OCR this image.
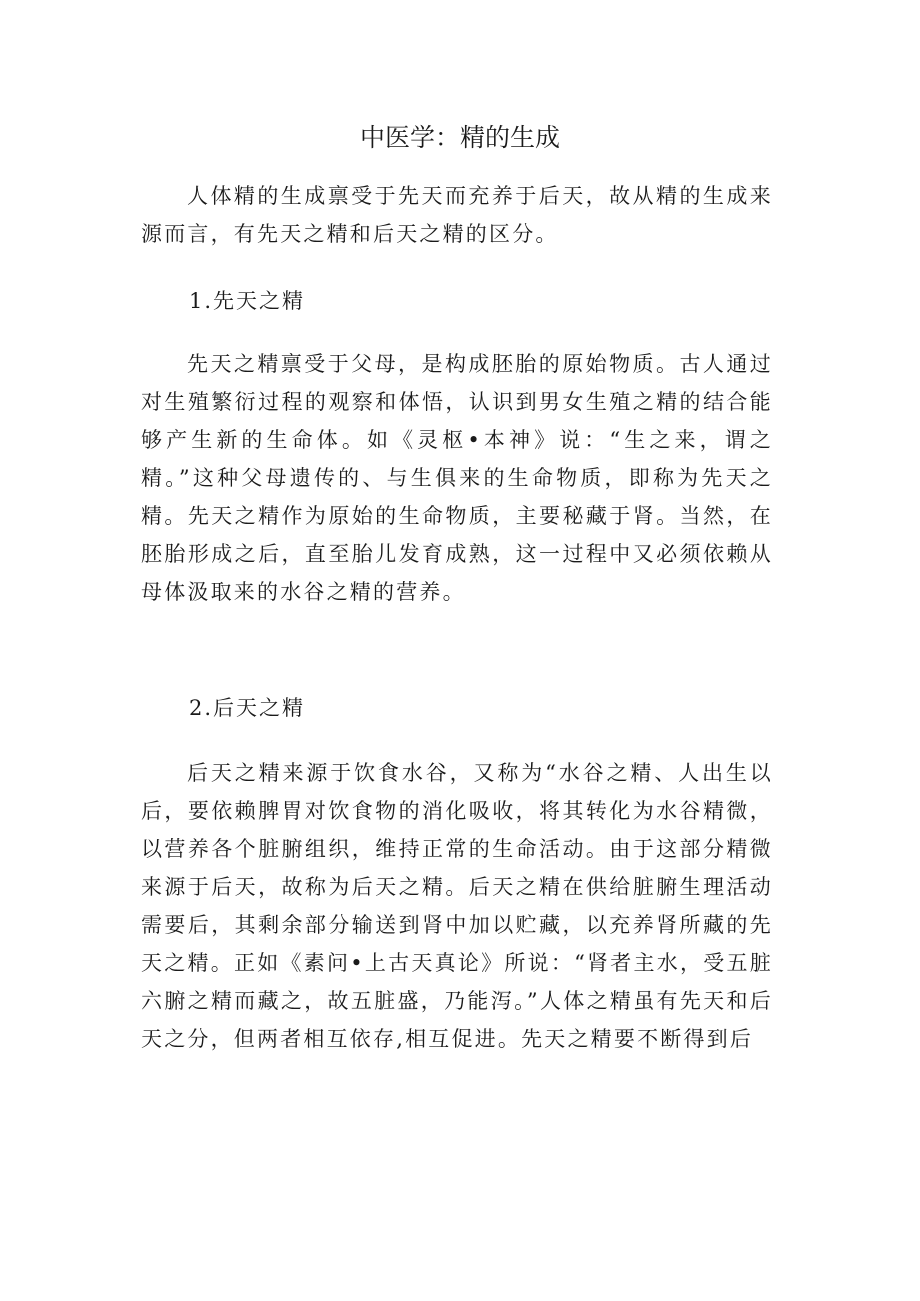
中医学：精的生成

人体精的生成禀受于先天而充养于后天，故从精的生成来源而言，有先天之精和后天之精的区分。

1.先天之精

先天之精禀受于父母，是构成胚胎的原始物质。古人通过对生殖繁衍过程的观察和体悟，认识到男女生殖之精的结合能够产生新的生命体。如《灵枢•本神》说：“生之来，谓之精。”这种父母遗传的、与生俱来的生命物质，即称为先天之精。先天之精作为原始的生命物质，主要秘藏于肾。当然，在胚胎形成之后，直至胎儿发育成熟，这一过程中又必须依赖从母体汲取来的水谷之精的营养。

2.后天之精

后天之精来源于饮食水谷，又称为“水谷之精、人出生以后，要依赖脾胃对饮食物的消化吸收，将其转化为水谷精微，以营养各个脏腑组织，维持正常的生命活动。由于这部分精微来源于后天，故称为后天之精。后天之精在供给脏腑生理活动需要后，其剩余部分输送到肾中加以贮藏，以充养肾所藏的先天之精。正如《素问•上古天真论》所说：“肾者主水，受五脏六腑之精而藏之，故五脏盛，乃能泻。”人体之精虽有先天和后天之分，但两者相互依存,相互促进。先天之精要不断得到后
